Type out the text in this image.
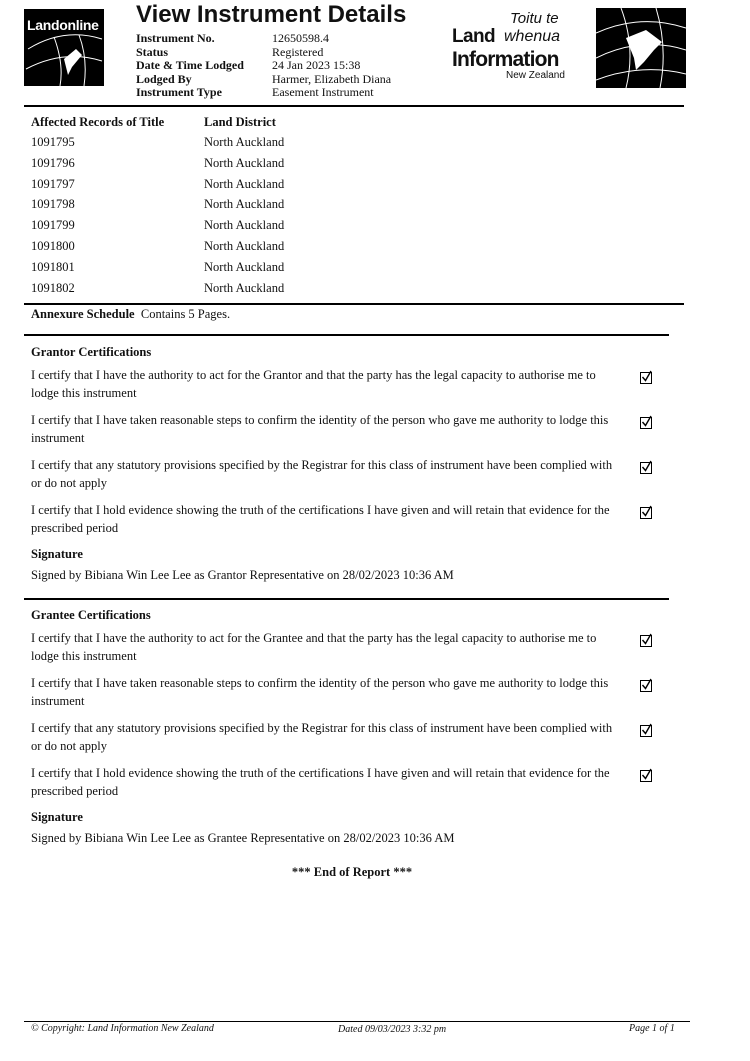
Landonline View Instrument Details
Instrument No.	12650598.4
Status	Registered
Date & Time Lodged	24 Jan 2023 15:38
Lodged By	Harmer, Elizabeth Diana
Instrument Type	Easement Instrument
Toitu te
Land whenua
Information
New Zealand
Affected Records of Title	Land District
1091795	North Auckland
1091796	North Auckland
1091797	North Auckland
1091798	North Auckland
1091799	North Auckland
1091800	North Auckland
1091801	North Auckland
1091802	North Auckland
Annexure Schedule Contains 5 Pages.
Grantor Certifications
I certify that I have the authority to act for the Grantor and that the party has the legal capacity to authorise me to lodge this instrument
I certify that I have taken reasonable steps to confirm the identity of the person who gave me authority to lodge this instrument
I certify that any statutory provisions specified by the Registrar for this class of instrument have been complied with or do not apply
I certify that I hold evidence showing the truth of the certifications I have given and will retain that evidence for the prescribed period
Signature
Signed by Bibiana Win Lee Lee as Grantor Representative on 28/02/2023 10:36 AM
Grantee Certifications
I certify that I have the authority to act for the Grantee and that the party has the legal capacity to authorise me to lodge this instrument
I certify that I have taken reasonable steps to confirm the identity of the person who gave me authority to lodge this instrument
I certify that any statutory provisions specified by the Registrar for this class of instrument have been complied with or do not apply
I certify that I hold evidence showing the truth of the certifications I have given and will retain that evidence for the prescribed period
Signature
Signed by Bibiana Win Lee Lee as Grantee Representative on 28/02/2023 10:36 AM
*** End of Report ***
© Copyright: Land Information New Zealand	Dated 09/03/2023 3:32 pm	Page 1 of 1
